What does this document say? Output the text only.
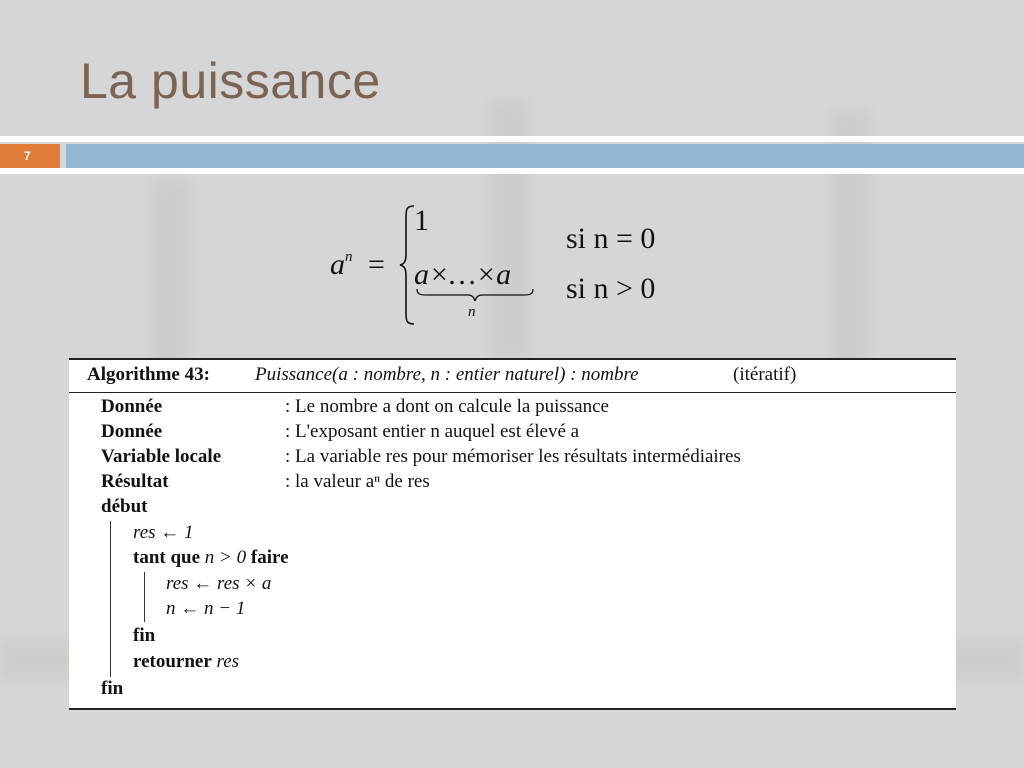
La puissance
7
$a^n$ =
1
a×…×a
n
si n = 0
si n > 0
Algorithme 43: Puissance(a : nombre, n : entier naturel) : nombre	(itératif)
Donnée	: Le nombre a dont on calcule la puissance
Donnée	: L'exposant entier n auquel est élevé a
Variable locale	: La variable res pour mémoriser les résultats intermédiaires
Résultat	: la valeur aⁿ de res
début
res ← 1
tant que n > 0 faire
res ← res × a
n ← n − 1
fin
retourner res
fin
